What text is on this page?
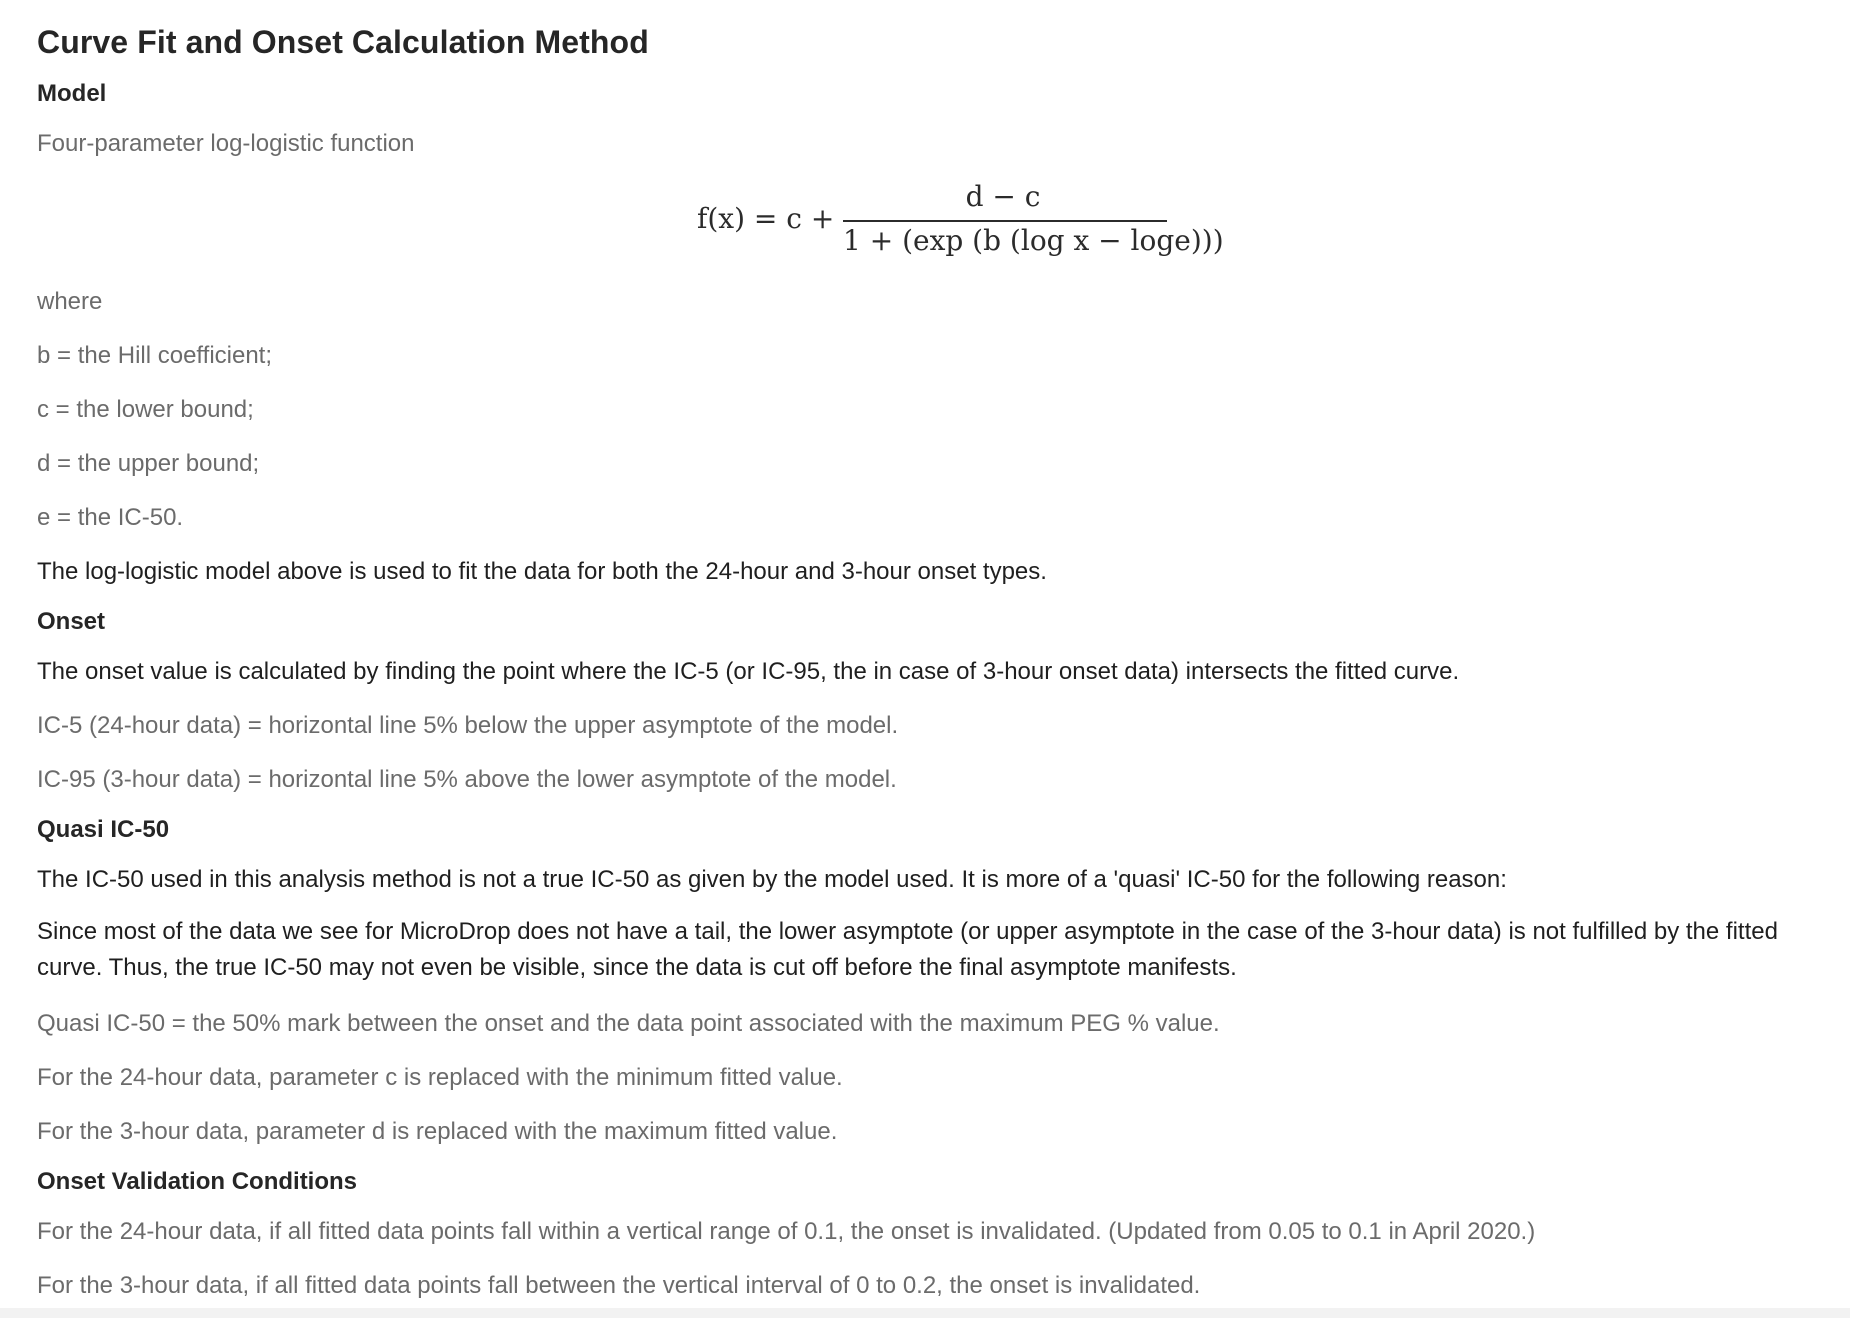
Curve Fit and Onset Calculation Method
Model
Four-parameter log-logistic function
f(x) = c +
d − c
1 + (exp (b (log x − loge)))
where
b = the Hill coefficient;
c = the lower bound;
d = the upper bound;
e = the IC-50.
The log-logistic model above is used to fit the data for both the 24-hour and 3-hour onset types.
Onset
The onset value is calculated by finding the point where the IC-5 (or IC-95, the in case of 3-hour onset data) intersects the fitted curve.
IC-5 (24-hour data) = horizontal line 5% below the upper asymptote of the model.
IC-95 (3-hour data) = horizontal line 5% above the lower asymptote of the model.
Quasi IC-50
The IC-50 used in this analysis method is not a true IC-50 as given by the model used. It is more of a 'quasi' IC-50 for the following reason:
Since most of the data we see for MicroDrop does not have a tail, the lower asymptote (or upper asymptote in the case of the 3-hour data) is not fulfilled by the fitted curve. Thus, the true IC-50 may not even be visible, since the data is cut off before the final asymptote manifests.
Quasi IC-50 = the 50% mark between the onset and the data point associated with the maximum PEG % value.
For the 24-hour data, parameter c is replaced with the minimum fitted value.
For the 3-hour data, parameter d is replaced with the maximum fitted value.
Onset Validation Conditions
For the 24-hour data, if all fitted data points fall within a vertical range of 0.1, the onset is invalidated. (Updated from 0.05 to 0.1 in April 2020.)
For the 3-hour data, if all fitted data points fall between the vertical interval of 0 to 0.2, the onset is invalidated.
